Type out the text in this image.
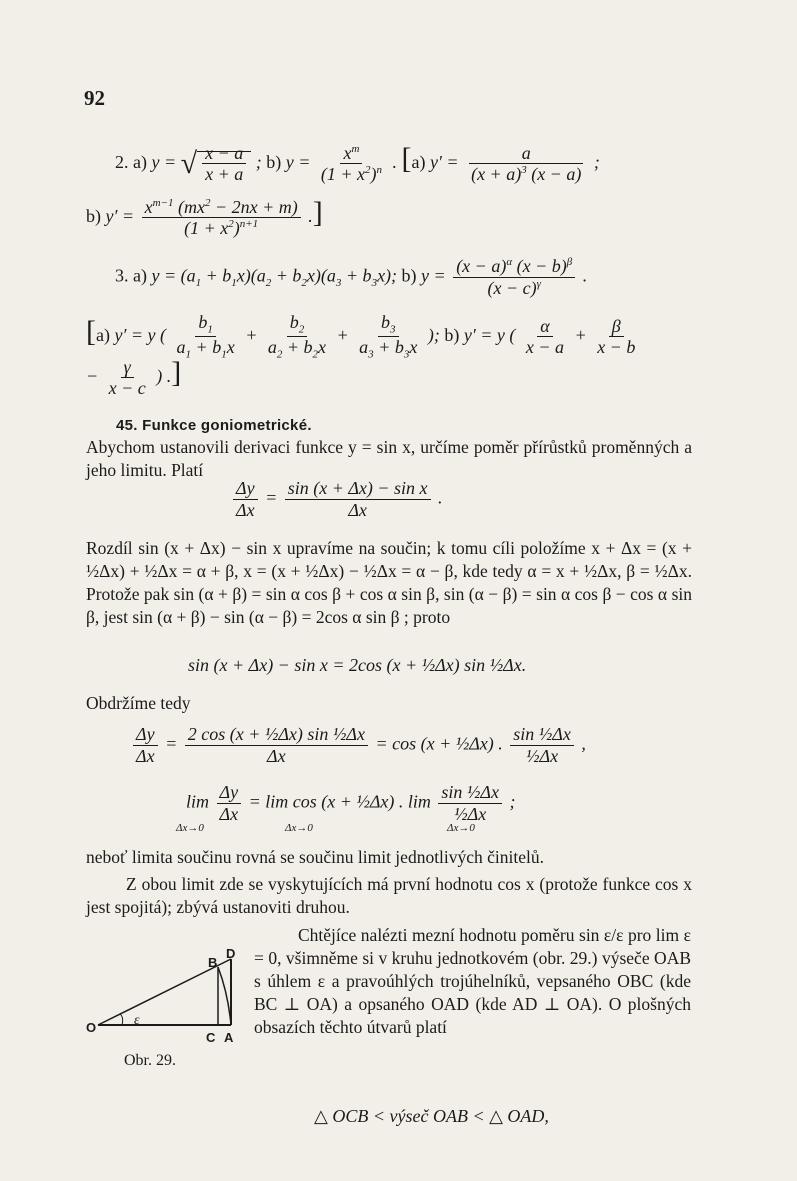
92
2. a) y = √ $\frac{x - a}{x + a}$ ; b) $y = \frac{x^m}{(1 + x^2)^n}$ . [a) $y' = \frac{a}{(x + a)^3 (x - a)}$ ;
b) $y' = \frac{x^{m-1} (mx^2 - 2nx + m)}{(1 + x^2)^{n+1}}$ .]
3. a) $y = (a_1 + b_1x)(a_2 + b_2x)(a_3 + b_3x)$; b) $y = \frac{(x - a)^\alpha (x - b)^\beta}{(x - c)^\gamma}$ .
[a) y′ = y ( $\frac{b_1}{a_1 + b_1x} + \frac{b_2}{a_2 + b_2x} + \frac{b_3}{a_3 + b_3x}$ ); b) y′ = y ( $\frac{\alpha}{x - a} + \frac{\beta}{x - b}$
− $\frac{\gamma}{x - c}$ ) .]
45. Funkce goniometrické.
Abychom ustanovili derivaci funkce y = sin x, určíme poměr přírůstků proměnných a jeho limitu. Platí
$\frac{\Delta y}{\Delta x} = \frac{\text{sin (x + Δx) − sin x}}{\Delta x}$ .
Rozdíl sin (x + Δx) − sin x upravíme na součin; k tomu cíli položíme x + Δx = (x + ½Δx) + ½Δx = α + β, x = (x + ½Δx) − ½Δx = α − β, kde tedy α = x + ½Δx, β = ½Δx. Protože pak sin (α + β) = sin α cos β + cos α sin β, sin (α − β) = sin α cos β − cos α sin β, jest sin (α + β) − sin (α − β) = 2cos α sin β ; proto
sin (x + Δx) − sin x = 2cos (x + ½Δx) sin ½Δx.
Obdržíme tedy
$\frac{\Delta y}{\Delta x} = \frac{\text{2 cos (x + ½Δx) sin ½Δx}}{\Delta x} = \cos (x$ + ½Δx) . $\frac{\text{sin ½Δx}}{\text{½Δx}}$ ,
$\lim \frac{\Delta y}{\Delta x} = \lim \cos (x$ + ½Δx) . $\lim \frac{\text{sin ½Δx}}{\text{½Δx}}$ ;
Δx→0	Δx→0	Δx→0
neboť limita součinu rovná se součinu limit jednotlivých činitelů.
Z obou limit zde se vyskytujících má první hodnotu cos x (protože funkce cos x jest spojitá); zbývá ustanoviti druhou.
B
D
O
C A
ε
Obr. 29.
Chtějíce nalézti mezní hodnotu poměru sin ε/ε pro lim ε = 0, všimněme si v kruhu jednotkovém (obr. 29.) výseče OAB s úhlem ε a pravoúhlých trojúhelníků, vepsaného OBC (kde BC ⊥ OA) a opsaného OAD (kde AD ⊥ OA). O plošných obsazích těchto útvarů platí
△ OCB < výseč OAB < △ OAD,
